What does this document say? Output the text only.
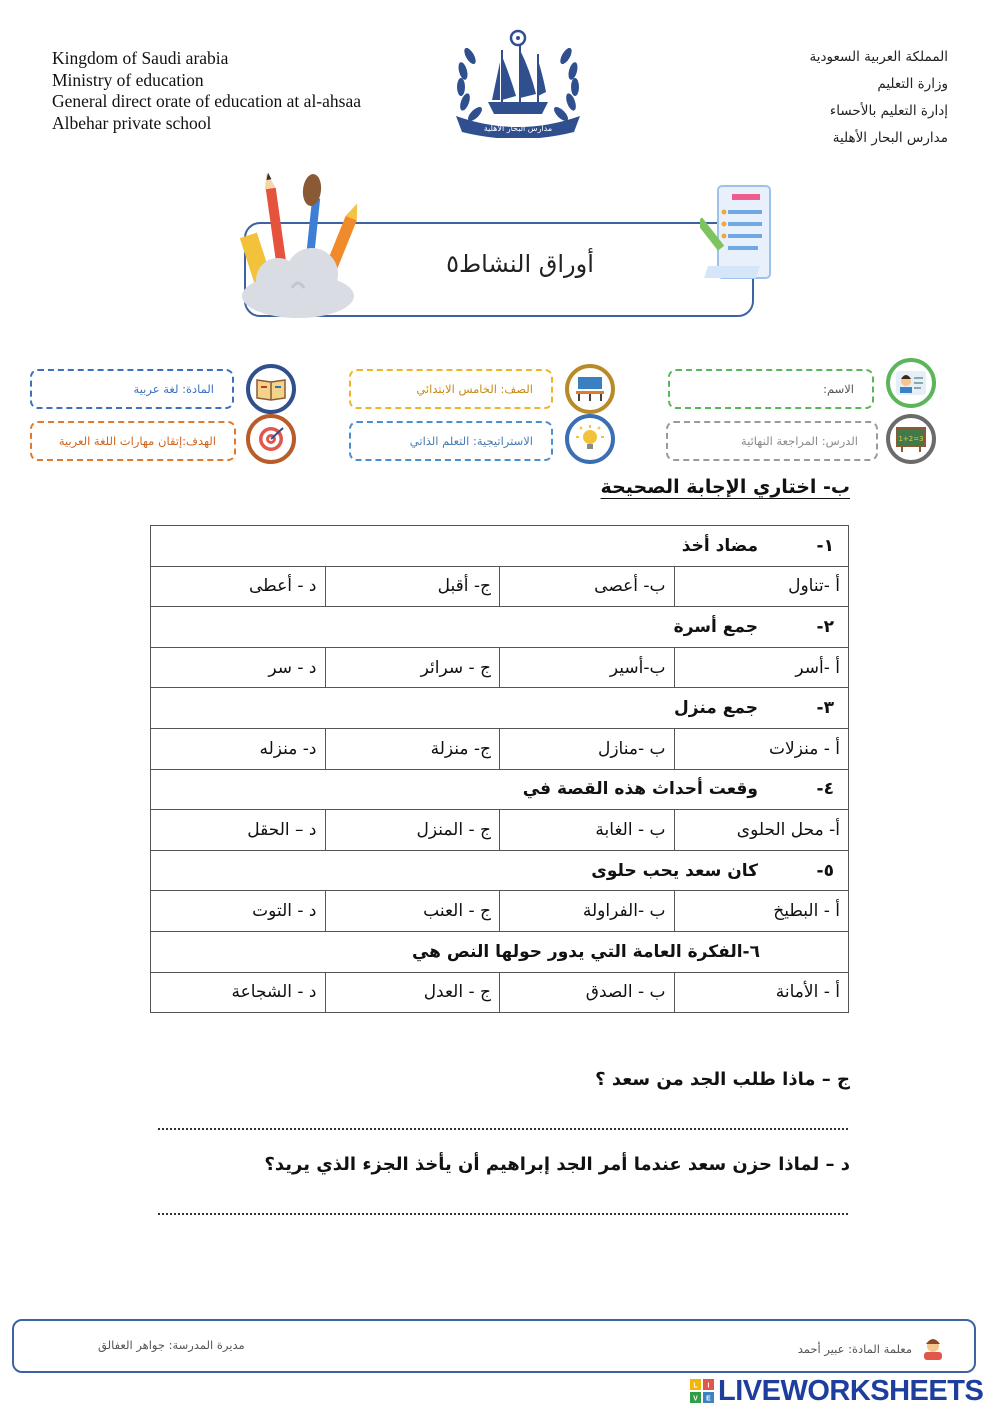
Kingdom of Saudi arabia
Ministry of education
General direct orate of education at al-ahsaa
Albehar private school
المملكة العربية السعودية
وزارة التعليم
إدارة التعليم بالأحساء
مدارس البحار الأهلية
مدارس البحار الأهلية
أوراق النشاط٥
الاسم:
الصف: الخامس الابتدائي
المادة: لغة عربية
الدرس: المراجعة النهائية	1+2=3
الاستراتيجية: التعلم الذاتي
الهدف:إتقان مهارات اللغة العربية
ب- اختاري الإجابة الصحيحة
١-مضاد أخذ			
أ -تناول	ب- أعصى	ج- أقبل	د - أعطى
٢-جمع أسرة			
أ -أسر	ب-أسير	ج - سرائر	د - سر
٣-جمع منزل			
أ - منزلات	ب -منازل	ج- منزلة	د- منزله
٤-وقعت أحداث هذه القصة في			
أ- محل الحلوى	ب - الغابة	ج - المنزل	د – الحقل
٥-كان سعد يحب حلوى			
أ - البطيخ	ب -الفراولة	ج - العنب	د - التوت
٦-الفكرة العامة التي يدور حولها النص هي			
أ - الأمانة	ب - الصدق	ج - العدل	د - الشجاعة
ج – ماذا طلب الجد من سعد ؟
د – لماذا حزن سعد عندما أمر الجد إبراهيم أن يأخذ الجزء الذي يريد؟
مديرة المدرسة: جواهر العفالق	معلمة المادة: عبير أحمد
L I
V E LIVEWORKSHEETS
